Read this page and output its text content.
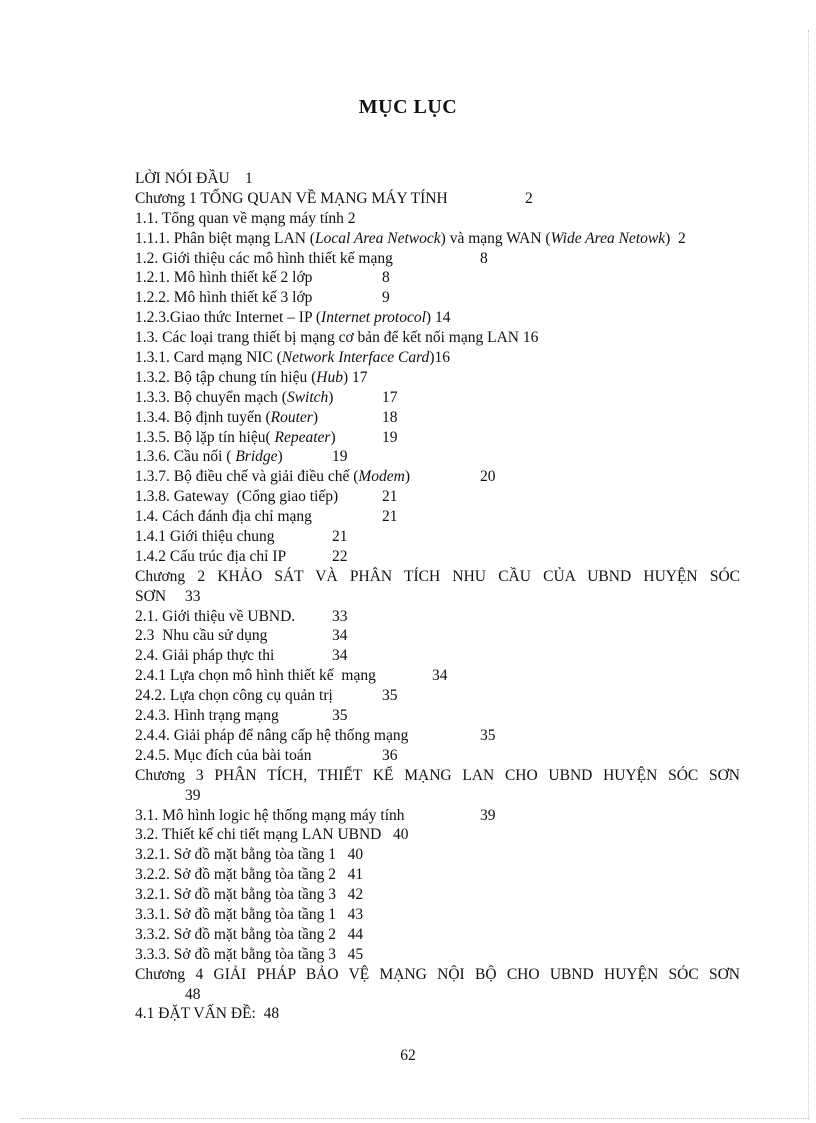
MỤC LỤC
LỜI NÓI ĐẦU	1
Chương 1 TỔNG QUAN VỀ MẠNG MÁY TÍNH	2
1.1. Tổng quan về mạng máy tính 2
1.1.1. Phân biệt mạng LAN (Local Area Netwock) và mạng WAN (Wide Area Netowk)  2
1.2. Giới thiệu các mô hình thiết kế mạng	8
1.2.1. Mô hình thiết kế 2 lớp	8
1.2.2. Mô hình thiết kế 3 lớp	9
1.2.3.Giao thức Internet – IP (Internet protocol) 14
1.3. Các loại trang thiết bị mạng cơ bản để kết nối mạng LAN 16
1.3.1. Card mạng NIC (Network Interface Card)16
1.3.2. Bộ tập chung tín hiệu (Hub) 17
1.3.3. Bộ chuyển mạch (Switch)	17
1.3.4. Bộ định tuyến (Router)	18
1.3.5. Bộ lặp tín hiệu( Repeater)	19
1.3.6. Cầu nối ( Bridge)	19
1.3.7. Bộ điều chế và giải điều chế (Modem)	20
1.3.8. Gateway  (Cổng giao tiếp)	21
1.4. Cách đánh địa chỉ mạng	21
1.4.1 Giới thiệu chung	21
1.4.2 Cấu trúc địa chỉ IP	22
Chương 2 KHẢO SÁT VÀ PHÂN TÍCH NHU CẦU CỦA UBND HUYỆN SÓC
SƠN	33
2.1. Giới thiệu về UBND.	33
2.3  Nhu cầu sử dụng	34
2.4. Giải pháp thực thi	34
2.4.1 Lựa chọn mô hình thiết kế  mạng	34
24.2. Lựa chọn công cụ quản trị	35
2.4.3. Hình trạng mạng	35
2.4.4. Giải pháp để nâng cấp hệ thống mạng	35
2.4.5. Mục đích của bài toán	36
Chương 3 PHÂN TÍCH, THIẾT KẾ MẠNG LAN CHO UBND HUYỆN SÓC SƠN
39
3.1. Mô hình logic hệ thống mạng máy tính	39
3.2. Thiết kế chi tiết mạng LAN UBND   40
3.2.1. Sở đồ mặt bằng tòa tầng 1   40
3.2.2. Sở đồ mặt bằng tòa tầng 2   41
3.2.1. Sở đồ mặt bằng tòa tầng 3   42
3.3.1. Sở đồ mặt bằng tòa tầng 1   43
3.3.2. Sở đồ mặt bằng tòa tầng 2   44
3.3.3. Sở đồ mặt bằng tòa tầng 3   45
Chương 4 GIẢI PHÁP BẢO VỆ MẠNG NỘI BỘ CHO UBND HUYỆN SÓC SƠN
48
4.1 ĐẶT VẤN ĐỀ:  48
62
